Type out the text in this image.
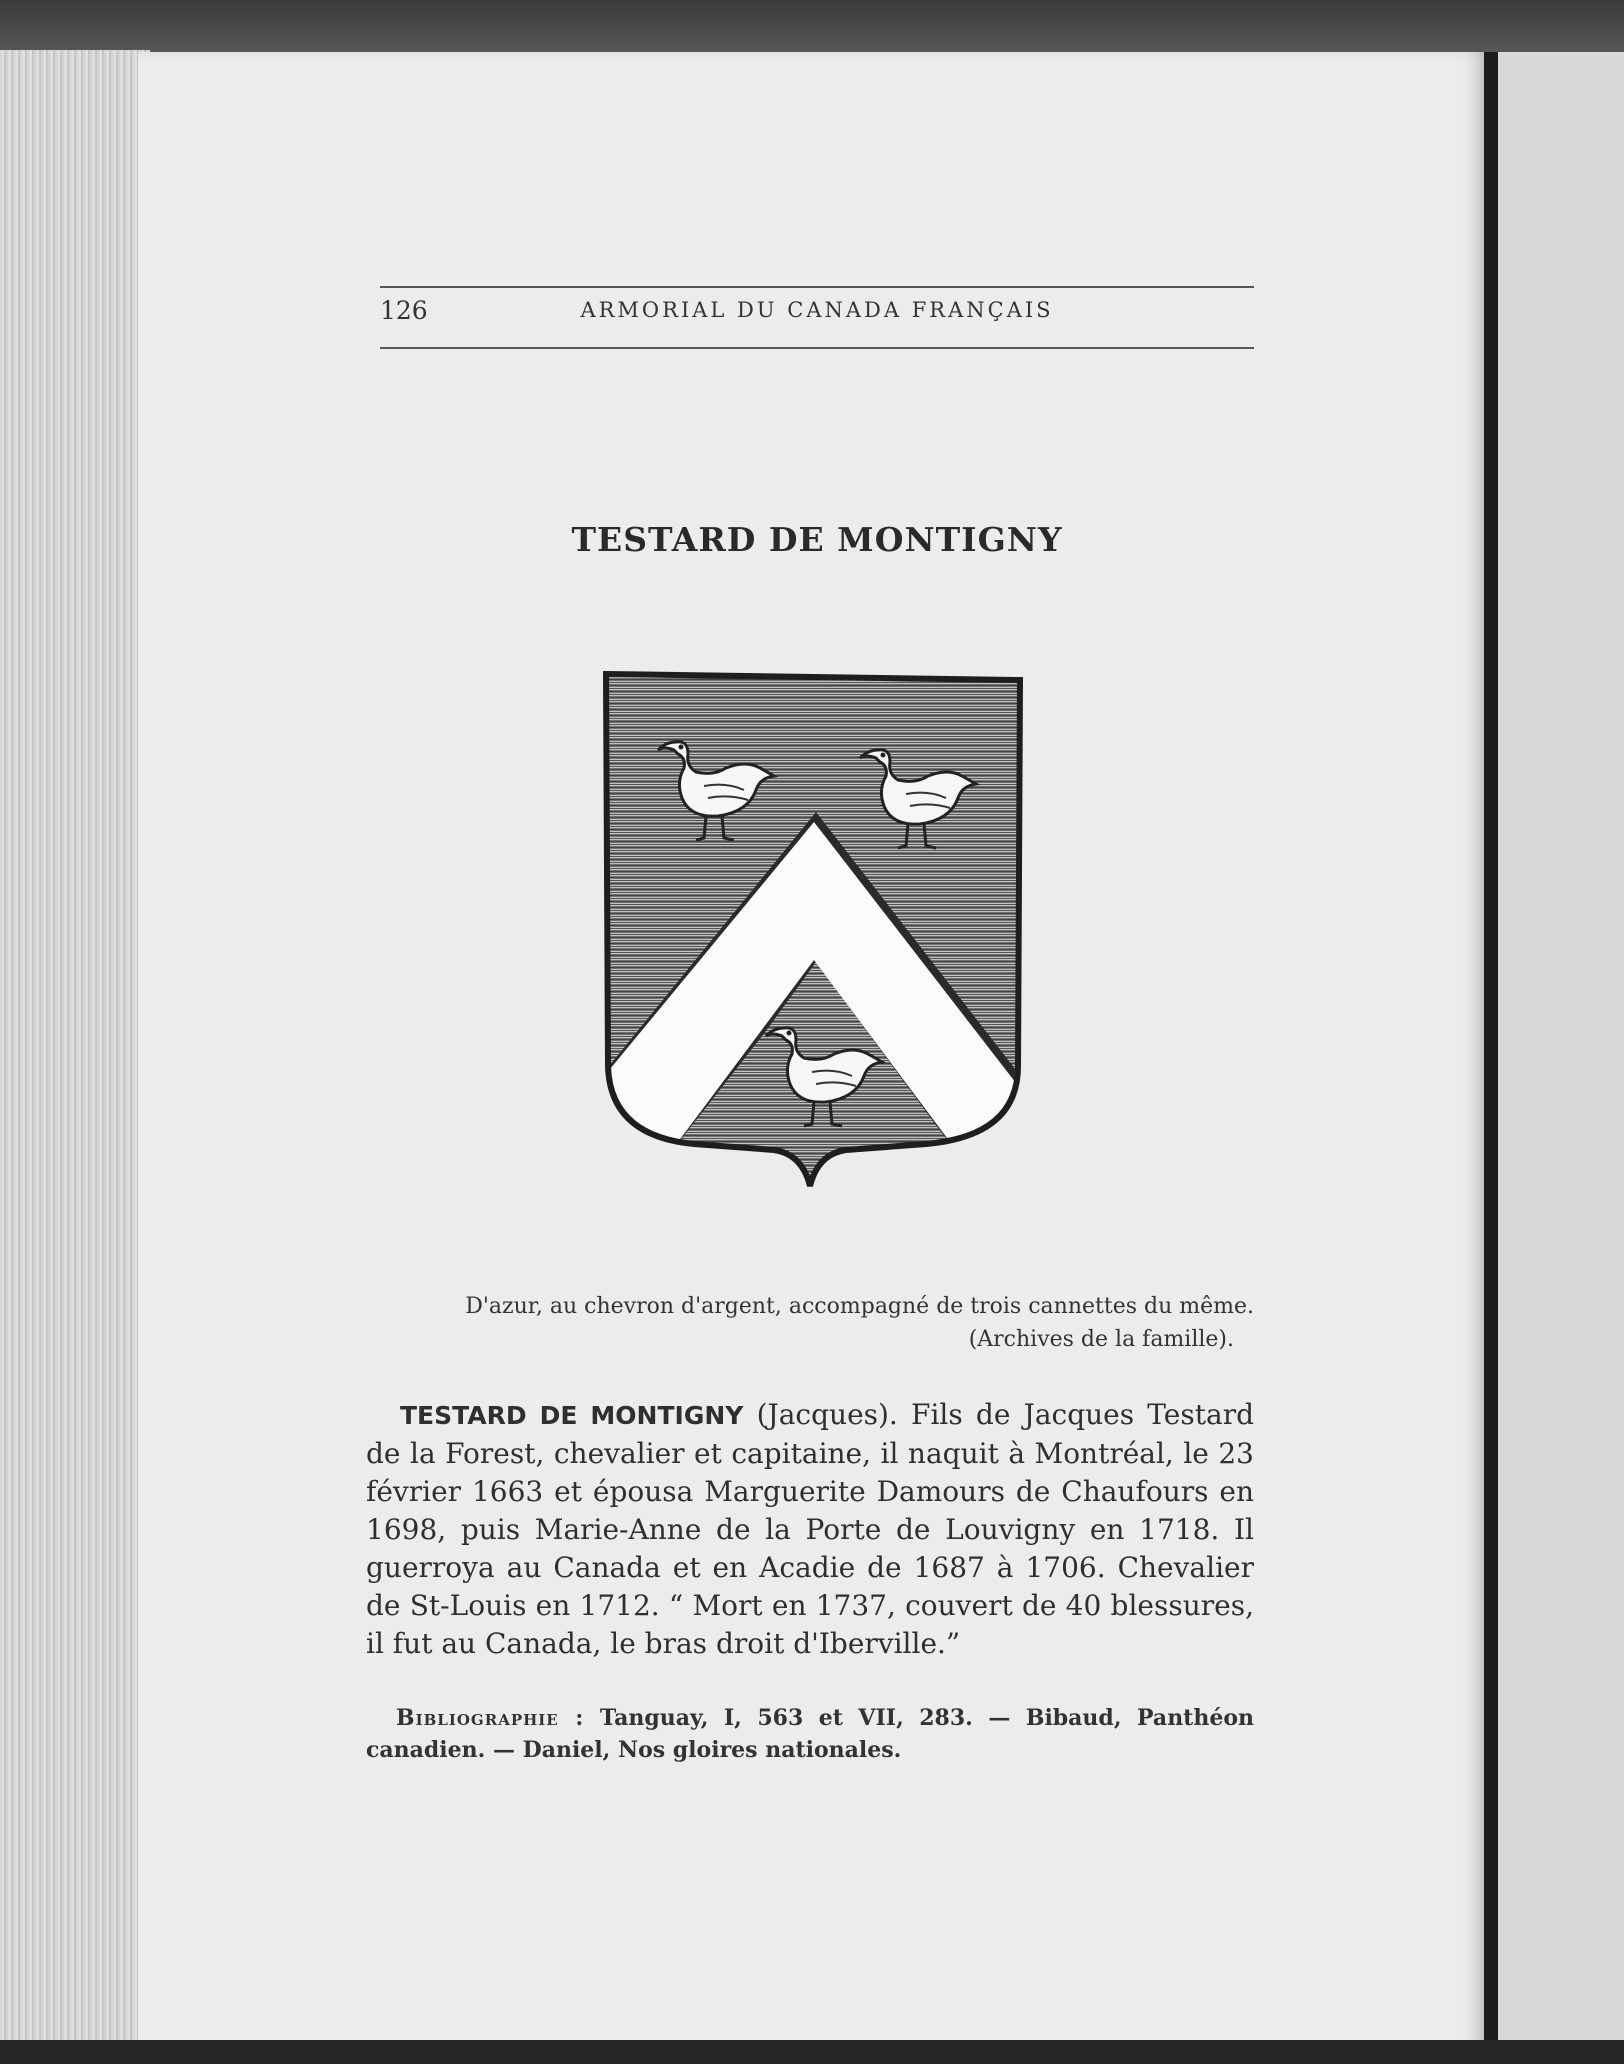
126	ARMORIAL DU CANADA FRANÇAIS
TESTARD DE MONTIGNY
D'azur, au chevron d'argent, accompagné de trois cannettes du même.
(Archives de la famille).
TESTARD DE MONTIGNY (Jacques). Fils de Jacques Testard de la Forest, chevalier et capitaine, il naquit à Montréal, le 23 février 1663 et épousa Marguerite Damours de Chaufours en 1698, puis Marie-Anne de la Porte de Louvigny en 1718. Il guerroya au Canada et en Acadie de 1687 à 1706. Chevalier de St-Louis en 1712. “ Mort en 1737, couvert de 40 blessures, il fut au Canada, le bras droit d'Iberville.”
Bibliographie : Tanguay, I, 563 et VII, 283. — Bibaud, Panthéon canadien. — Daniel, Nos gloires nationales.
